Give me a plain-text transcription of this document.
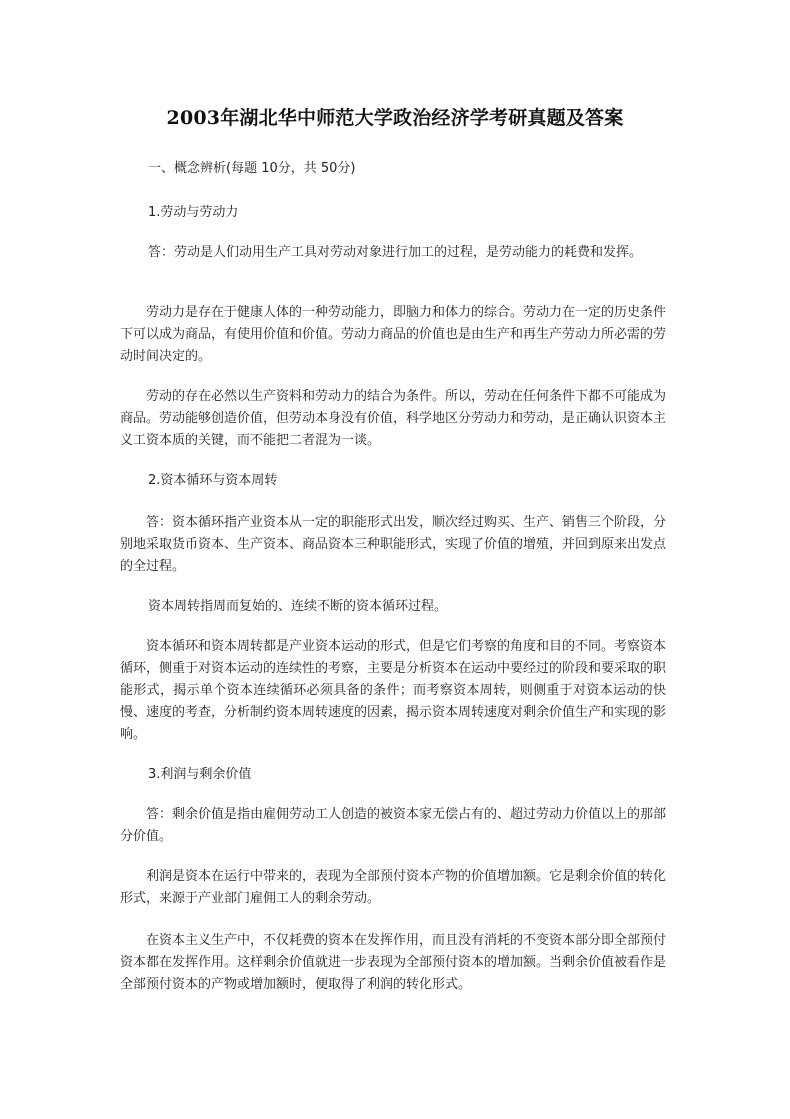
2003年湖北华中师范大学政治经济学考研真题及答案
一、概念辨析(每题 10分，共 50分)
1.劳动与劳动力
答：劳动是人们动用生产工具对劳动对象进行加工的过程，是劳动能力的耗费和发挥。
劳动力是存在于健康人体的一种劳动能力，即脑力和体力的综合。劳动力在一定的历史条件下可以成为商品，有使用价值和价值。劳动力商品的价值也是由生产和再生产劳动力所必需的劳动时间决定的。
劳动的存在必然以生产资料和劳动力的结合为条件。所以，劳动在任何条件下都不可能成为商品。劳动能够创造价值，但劳动本身没有价值，科学地区分劳动力和劳动，是正确认识资本主义工资本质的关键，而不能把二者混为一谈。
2.资本循环与资本周转
答：资本循环指产业资本从一定的职能形式出发，顺次经过购买、生产、销售三个阶段，分别地采取货币资本、生产资本、商品资本三种职能形式，实现了价值的增殖，并回到原来出发点的全过程。
资本周转指周而复始的、连续不断的资本循环过程。
资本循环和资本周转都是产业资本运动的形式，但是它们考察的角度和目的不同。考察资本循环，侧重于对资本运动的连续性的考察，主要是分析资本在运动中要经过的阶段和要采取的职能形式，揭示单个资本连续循环必须具备的条件；而考察资本周转，则侧重于对资本运动的快慢、速度的考查，分析制约资本周转速度的因素，揭示资本周转速度对剩余价值生产和实现的影响。
3.利润与剩余价值
答：剩余价值是指由雇佣劳动工人创造的被资本家无偿占有的、超过劳动力价值以上的那部分价值。
利润是资本在运行中带来的，表现为全部预付资本产物的价值增加额。它是剩余价值的转化形式，来源于产业部门雇佣工人的剩余劳动。
在资本主义生产中，不仅耗费的资本在发挥作用，而且没有消耗的不变资本部分即全部预付资本都在发挥作用。这样剩余价值就进一步表现为全部预付资本的增加额。当剩余价值被看作是全部预付资本的产物或增加额时，便取得了利润的转化形式。
